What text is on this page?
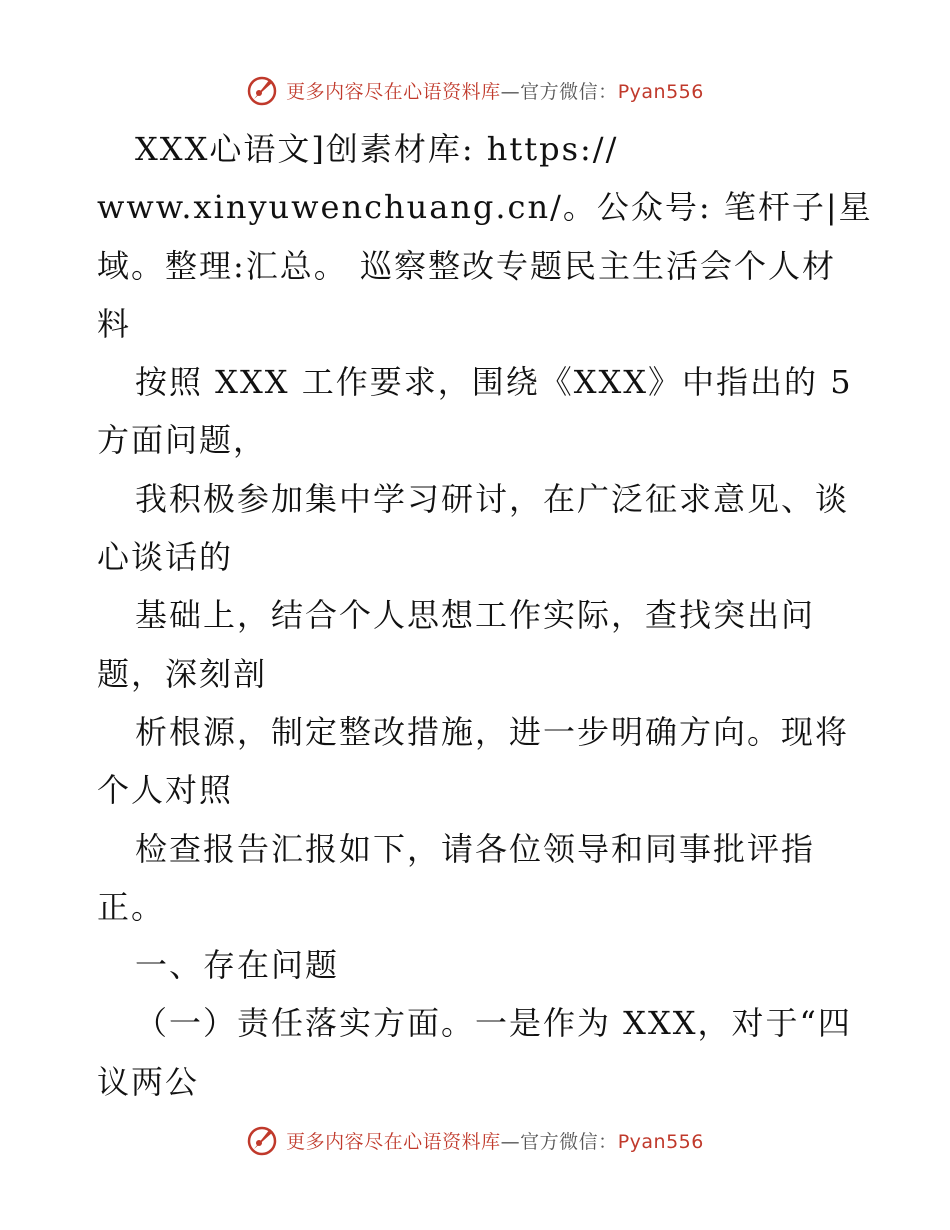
更多内容尽在心语资料库—官方微信：Pyan556
XXX心语文]创素材库: https://
www.xinyuwenchuang.cn/。公众号: 笔杆子|星
域。整理:汇总。 巡察整改专题民主生活会个人材
料
按照 XXX 工作要求，围绕《XXX》中指出的 5
方面问题，
我积极参加集中学习研讨，在广泛征求意见、谈
心谈话的
基础上，结合个人思想工作实际，查找突出问
题，深刻剖
析根源，制定整改措施，进一步明确方向。现将
个人对照
检查报告汇报如下，请各位领导和同事批评指
正。
一、存在问题
（一）责任落实方面。一是作为 XXX，对于“四
议两公
更多内容尽在心语资料库—官方微信：Pyan556
